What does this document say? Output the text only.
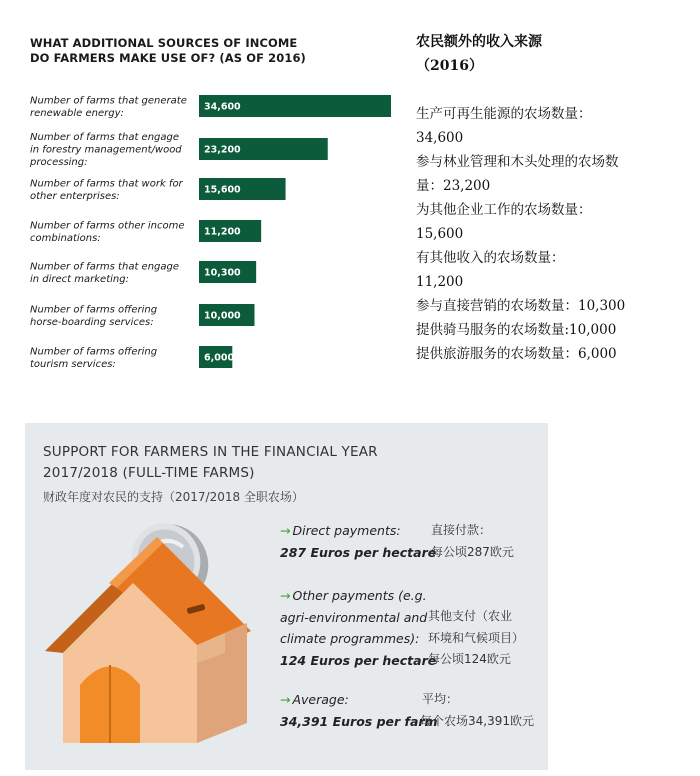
WHAT ADDITIONAL SOURCES OF INCOME
DO FARMERS MAKE USE OF? (AS OF 2016)
34,600
Number of farms that generate renewable energy:
23,200
Number of farms that engage in forestry management/wood processing:
15,600
Number of farms that work for other enterprises:
11,200
Number of farms other income combinations:
10,300
Number of farms that engage in direct marketing:
10,000
Number of farms offering horse-boarding services:
6,000
Number of farms offering tourism services:
农民额外的收入来源
（2016）
生产可再生能源的农场数量：
34,600
参与林业管理和木头处理的农场数
量：23,200
为其他企业工作的农场数量：
15,600
有其他收入的农场数量：
11,200
参与直接营销的农场数量：10,300
提供骑马服务的农场数量:10,000
提供旅游服务的农场数量：6,000
SUPPORT FOR FARMERS IN THE FINANCIAL YEAR
2017/2018 (FULL-TIME FARMS)
财政年度对农民的支持（2017/2018 全职农场）
→ Direct payments:
287 Euros per hectare
直接付款：
每公顷287欧元
→ Other payments (e.g.
agri-environmental and
climate programmes):
124 Euros per hectare
其他支付（农业
环境和气候项目）
每公顷124欧元
→ Average:
34,391 Euros per farm
平均：
每个农场34,391欧元
